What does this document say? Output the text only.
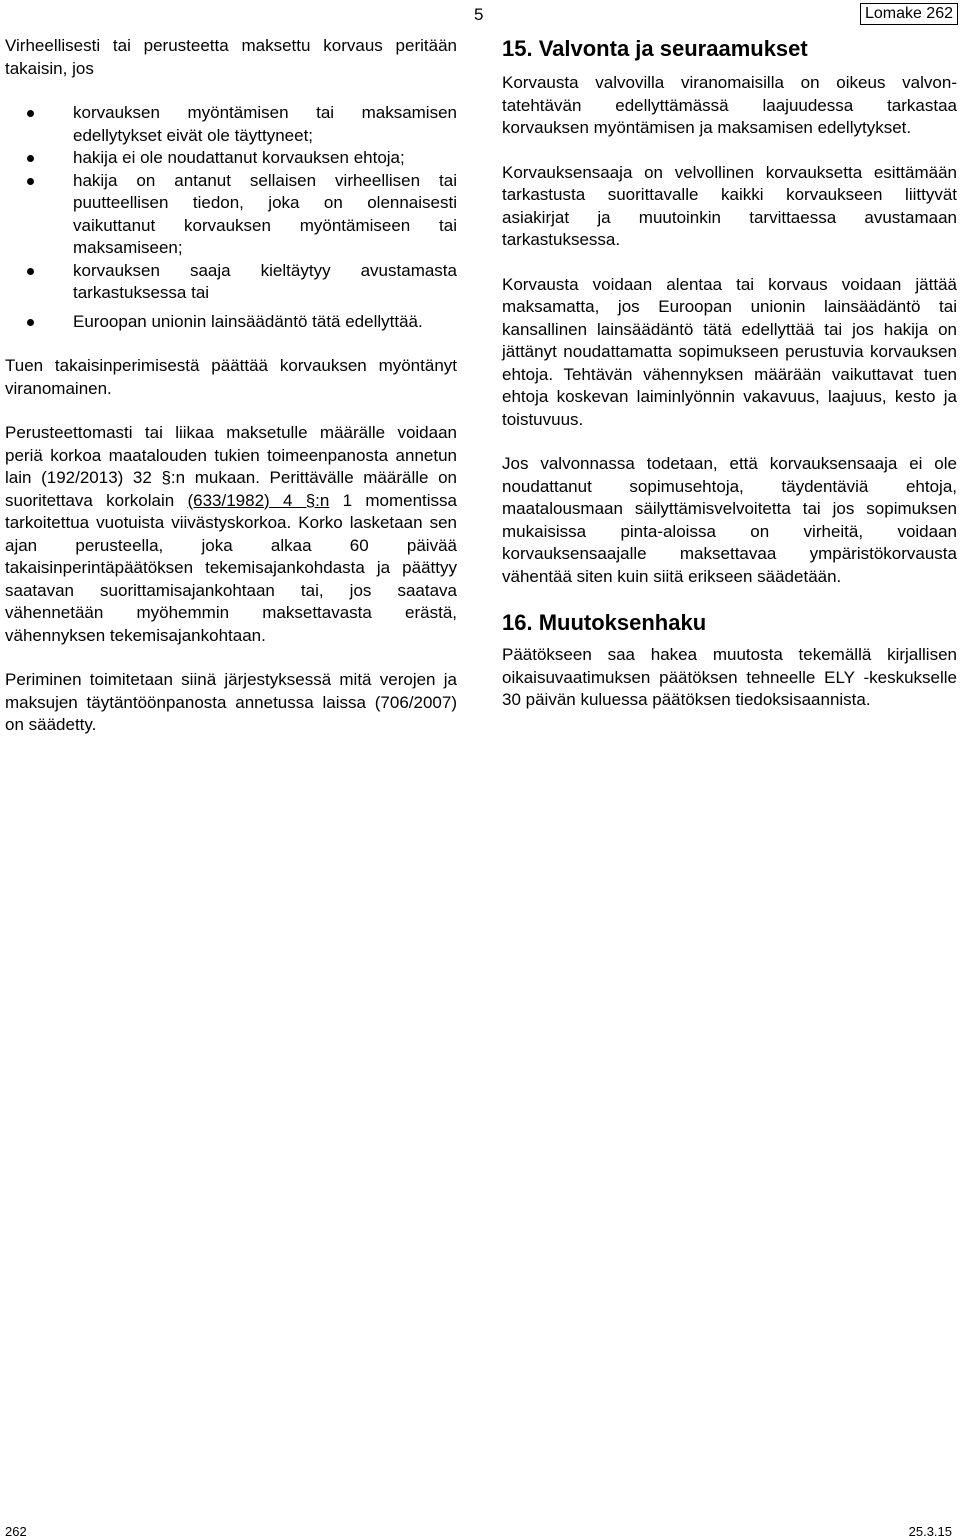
5	Lomake 262

Virheellisesti tai perusteetta maksettu korvaus peritään takaisin, jos

korvauksen myöntämisen tai maksamisen edellytykset eivät ole täyttyneet;
hakija ei ole noudattanut korvauksen ehtoja;
hakija on antanut sellaisen virheellisen tai puutteellisen tiedon, joka on olennaisesti vaikuttanut korvauksen myöntämiseen tai maksamiseen;
korvauksen saaja kieltäytyy avustamasta tarkastuksessa tai
Euroopan unionin lainsäädäntö tätä edellyttää.

Tuen takaisinperimisestä päättää korvauksen myöntänyt viranomainen.

Perusteettomasti tai liikaa maksetulle määrälle voidaan periä korkoa maatalouden tukien toimeenpanosta annetun lain (192/2013) 32 §:n mukaan. Perittävälle määrälle on suoritettava korkolain (633/1982) 4 §:n 1 momentissa tarkoitettua vuotuista viivästyskorkoa. Korko lasketaan sen ajan perusteella, joka alkaa 60 päivää takaisinperintäpäätöksen tekemisajankohdasta ja päättyy saatavan suorittamisajankohtaan tai, jos saatava vähennetään myöhemmin maksettavasta erästä, vähennyksen tekemisajankohtaan.

Periminen toimitetaan siinä järjestyksessä mitä verojen ja maksujen täytäntöönpanosta annetussa laissa (706/2007) on säädetty.

15. Valvonta ja seuraamukset

Korvausta valvovilla viranomaisilla on oikeus valvontatehtävän edellyttämässä laajuudessa tarkastaa korvauksen myöntämisen ja maksamisen edellytykset.

Korvauksensaaja on velvollinen korvauksetta esittämään tarkastusta suorittavalle kaikki korvaukseen liittyvät asiakirjat ja muutoinkin tarvittaessa avustamaan tarkastuksessa.

Korvausta voidaan alentaa tai korvaus voidaan jättää maksamatta, jos Euroopan unionin lainsäädäntö tai kansallinen lainsäädäntö tätä edellyttää tai jos hakija on jättänyt noudattamatta sopimukseen perustuvia korvauksen ehtoja. Tehtävän vähennyksen määrään vaikuttavat tuen ehtoja koskevan laiminlyönnin vakavuus, laajuus, kesto ja toistuvuus.

Jos valvonnassa todetaan, että korvauksensaaja ei ole noudattanut sopimusehtoja, täydentäviä ehtoja, maatalousmaan säilyttämisvelvoitetta tai jos sopimuksen mukaisissa pinta-aloissa on virheitä, voidaan korvauksensaajalle maksettavaa ympäristökorvausta vähentää siten kuin siitä erikseen säädetään.

16. Muutoksenhaku

Päätökseen saa hakea muutosta tekemällä kirjallisen oikaisuvaatimuksen päätöksen tehneelle ELY -keskukselle 30 päivän kuluessa päätöksen tiedoksisaannista.

262	25.3.15
